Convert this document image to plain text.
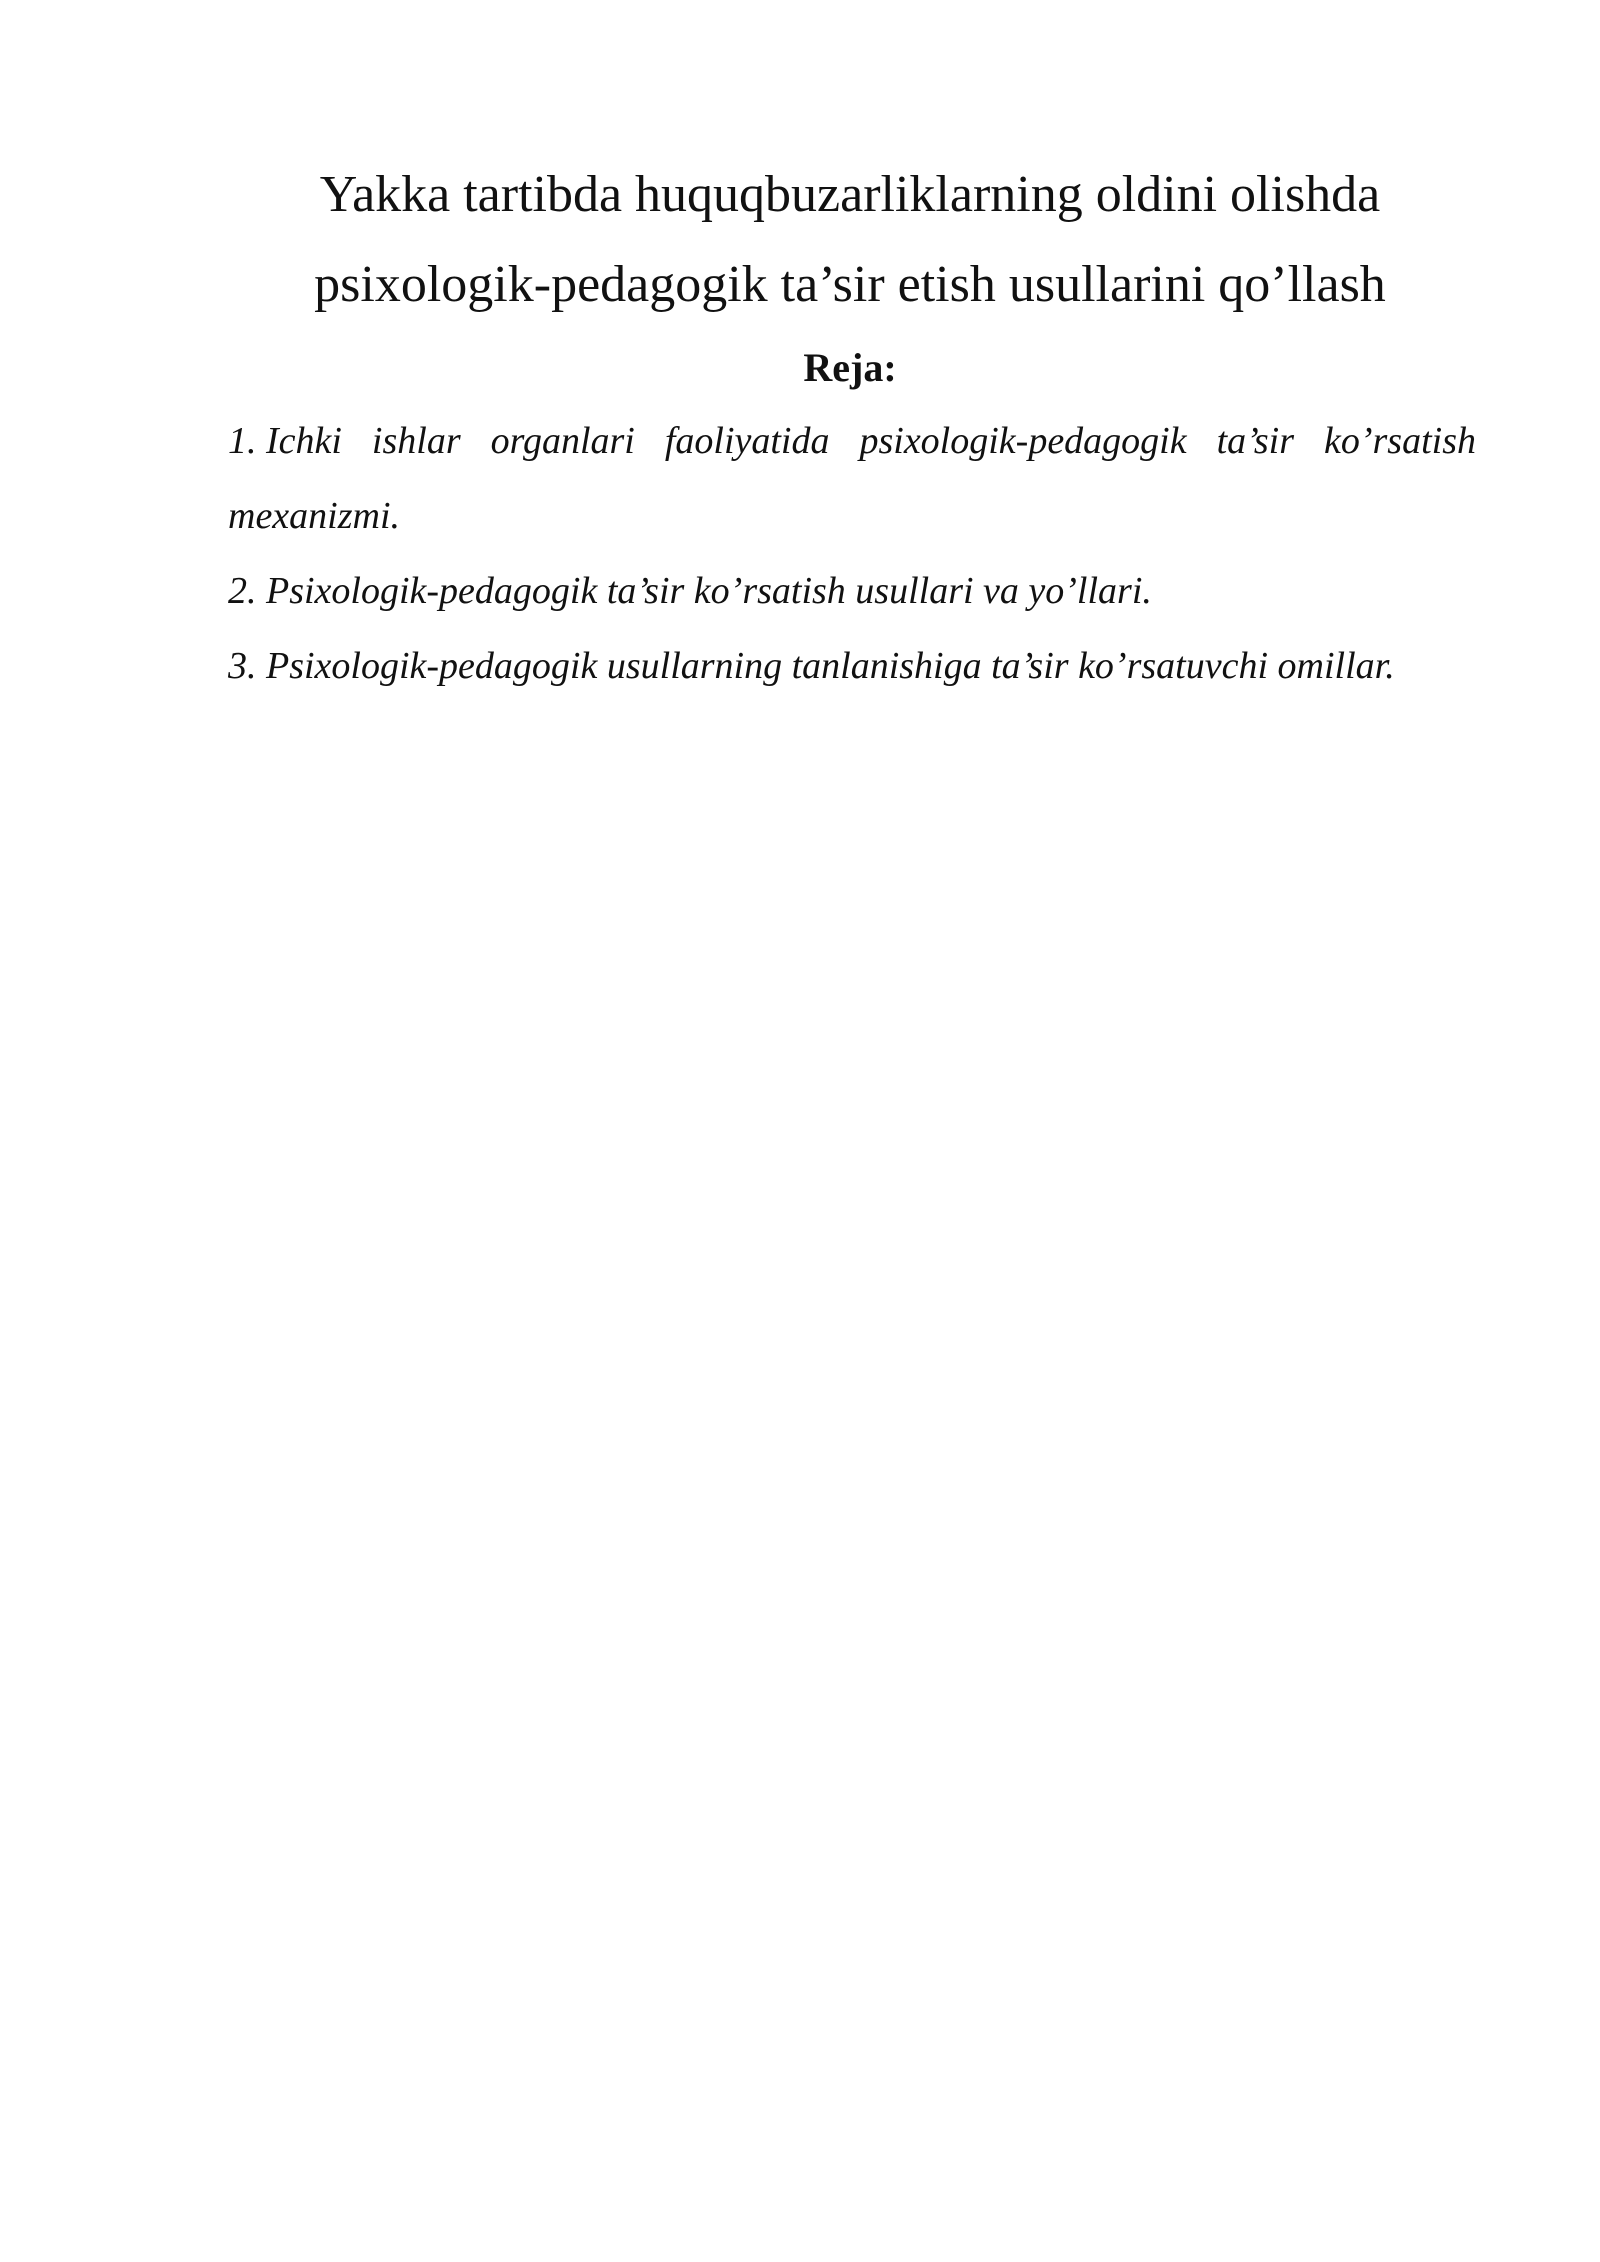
Yakka tartibda huquqbuzarliklarning oldini olishda
psixologik-pedagogik ta’sir etish usullarini qo’llash
Reja:
1. Ichki ishlar organlari faoliyatida psixologik-pedagogik ta’sir ko’rsatish mexanizmi.
2. Psixologik-pedagogik ta’sir ko’rsatish usullari va yo’llari.
3. Psixologik-pedagogik usullarning tanlanishiga ta’sir ko’rsatuvchi omillar.
